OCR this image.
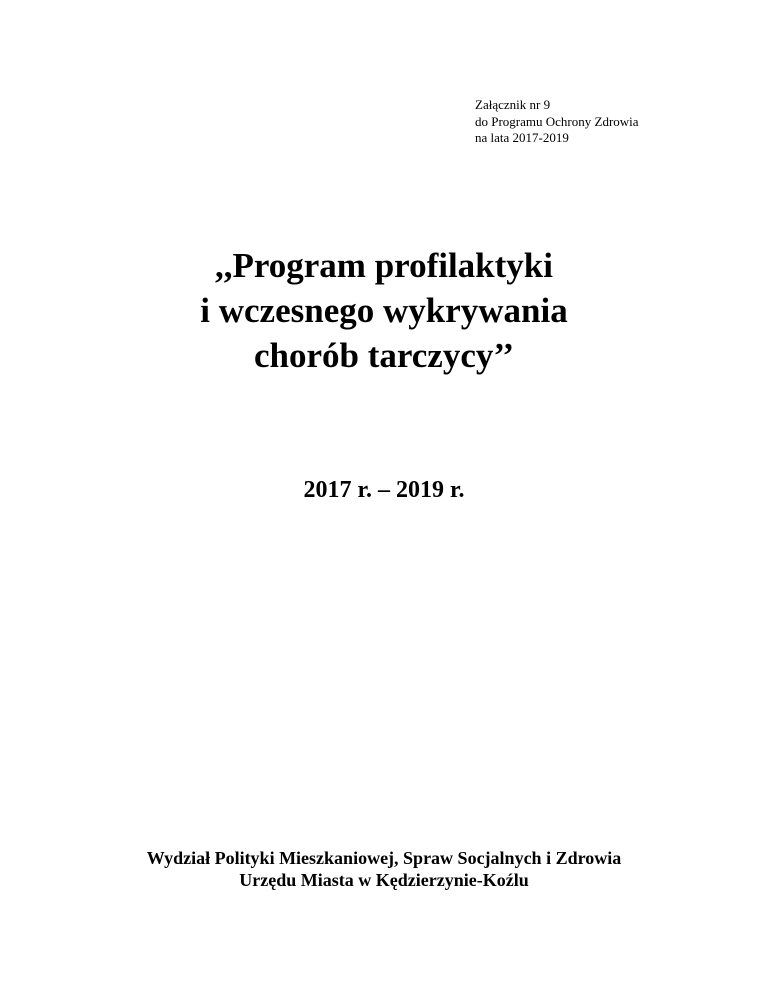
Załącznik nr 9
do Programu Ochrony Zdrowia
na lata 2017-2019
,,Program profilaktyki
i wczesnego wykrywania
chorób tarczycy’’
2017 r. – 2019 r.
Wydział Polityki Mieszkaniowej, Spraw Socjalnych i Zdrowia
Urzędu Miasta w Kędzierzynie-Koźlu
